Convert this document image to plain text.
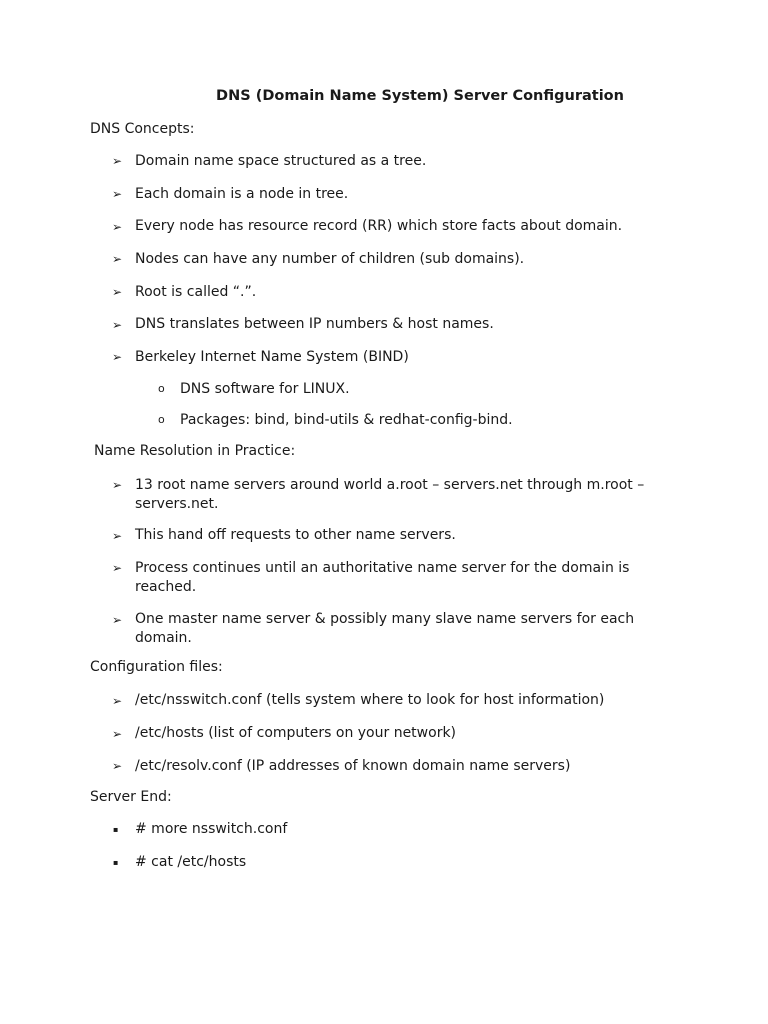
DNS (Domain Name System) Server Configuration
DNS Concepts:
➢ Domain name space structured as a tree.
➢ Each domain is a node in tree.
➢ Every node has resource record (RR) which store facts about domain.
➢ Nodes can have any number of children (sub domains).
➢ Root is called “.”.
➢ DNS translates between IP numbers & host names.
➢ Berkeley Internet Name System (BIND)
o DNS software for LINUX.
o Packages: bind, bind-utils & redhat-config-bind.
Name Resolution in Practice:
➢ 13 root name servers around world a.root – servers.net through m.root – servers.net.
➢ This hand off requests to other name servers.
➢ Process continues until an authoritative name server for the domain is reached.
➢ One master name server & possibly many slave name servers for each domain.
Configuration files:
➢ /etc/nsswitch.conf (tells system where to look for host information)
➢ /etc/hosts (list of computers on your network)
➢ /etc/resolv.conf (IP addresses of known domain name servers)
Server End:
▪ # more nsswitch.conf
▪ # cat /etc/hosts
